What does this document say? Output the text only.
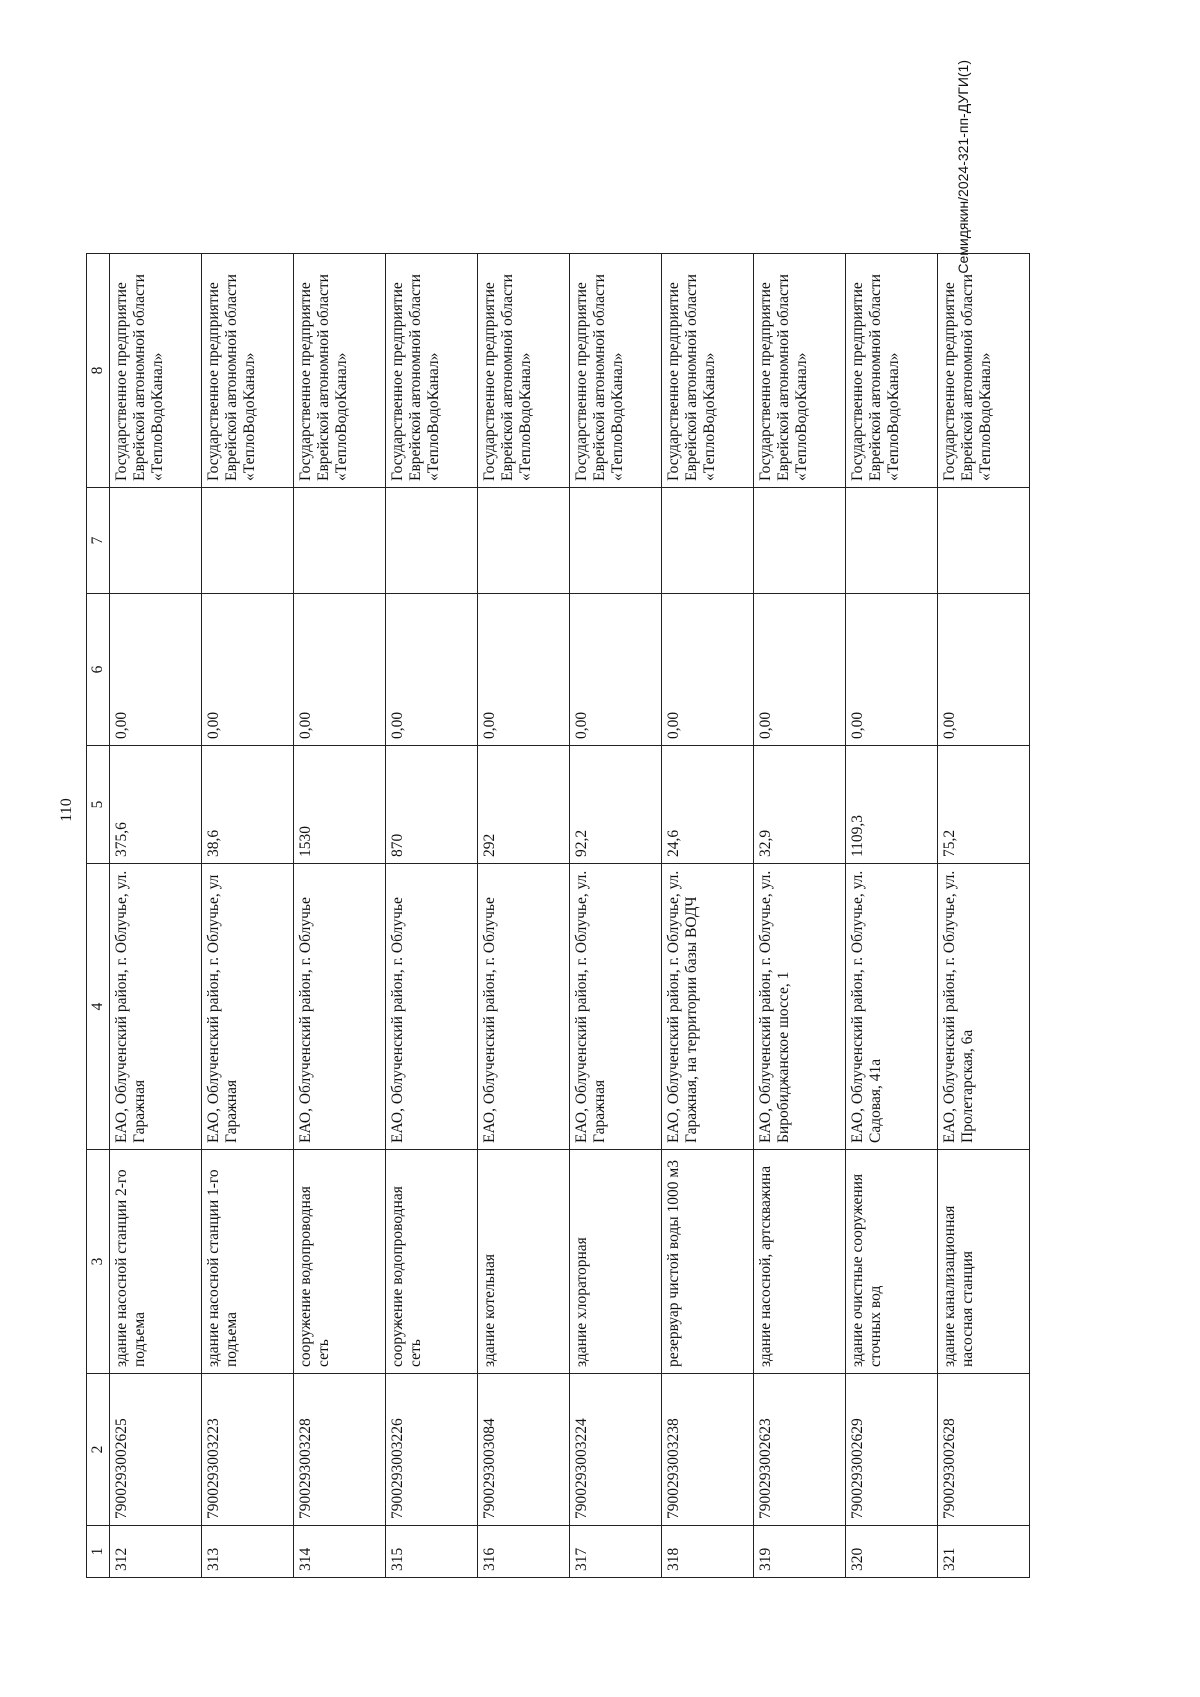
110
1	2	3	4	5	6	7	8
312	7900293002625	здание насосной станции 2-го подъема	ЕАО, Облученский район, г. Облучье, ул. Гаражная	375,6	0,00		Государственное предприятие Еврейской автономной области «ТеплоВодоКанал»
313	7900293003223	здание насосной станции 1-го подъема	ЕАО, Облученский район, г. Облучье, ул Гаражная	38,6	0,00		Государственное предприятие Еврейской автономной области «ТеплоВодоКанал»
314	7900293003228	сооружение водопроводная сеть	ЕАО, Облученский район, г. Облучье	1530	0,00		Государственное предприятие Еврейской автономной области «ТеплоВодоКанал»
315	7900293003226	сооружение водопроводная сеть	ЕАО, Облученский район, г. Облучье	870	0,00		Государственное предприятие Еврейской автономной области «ТеплоВодоКанал»
316	7900293003084	здание котельная	ЕАО, Облученский район, г. Облучье	292	0,00		Государственное предприятие Еврейской автономной области «ТеплоВодоКанал»
317	7900293003224	здание хлораторная	ЕАО, Облученский район, г. Облучье, ул. Гаражная	92,2	0,00		Государственное предприятие Еврейской автономной области «ТеплоВодоКанал»
318	7900293003238	резервуар чистой воды 1000 м3	ЕАО, Облученский район, г. Облучье, ул. Гаражная, на территории базы ВОДЧ	24,6	0,00		Государственное предприятие Еврейской автономной области «ТеплоВодоКанал»
319	7900293002623	здание насосной, артскважина	ЕАО, Облученский район, г. Облучье, ул. Биробиджанское шоссе, 1	32,9	0,00		Государственное предприятие Еврейской автономной области «ТеплоВодоКанал»
320	7900293002629	здание очистные сооружения сточных вод	ЕАО, Облученский район, г. Облучье, ул. Садовая, 41а	1109,3	0,00		Государственное предприятие Еврейской автономной области «ТеплоВодоКанал»
321	7900293002628	здание канализационная насосная станция	ЕАО, Облученский район, г. Облучье, ул. Пролетарская, 6а	75,2	0,00		Государственное предприятие Еврейской автономной области «ТеплоВодоКанал»
Семидякин/2024-321-пп-ДУГИ(1)
